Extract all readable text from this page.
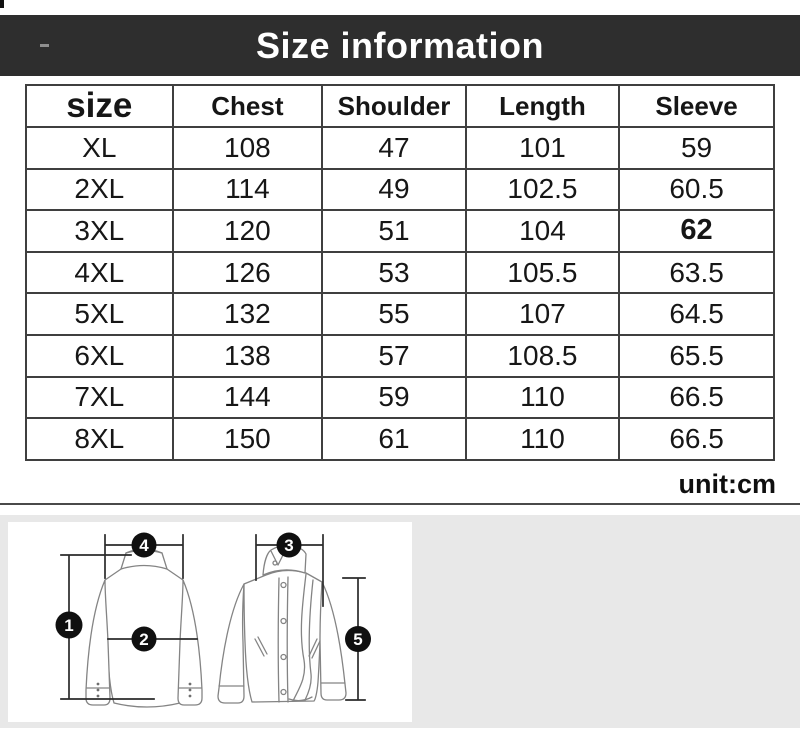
Size information
size	Chest	Shoulder	Length	Sleeve
XL	108	47	101	59
2XL	114	49	102.5	60.5
3XL	120	51	104	62
4XL	126	53	105.5	63.5
5XL	132	55	107	64.5
6XL	138	57	108.5	65.5
7XL	144	59	110	66.5
8XL	150	61	110	66.5
unit:cm
1
2
3
4
5
